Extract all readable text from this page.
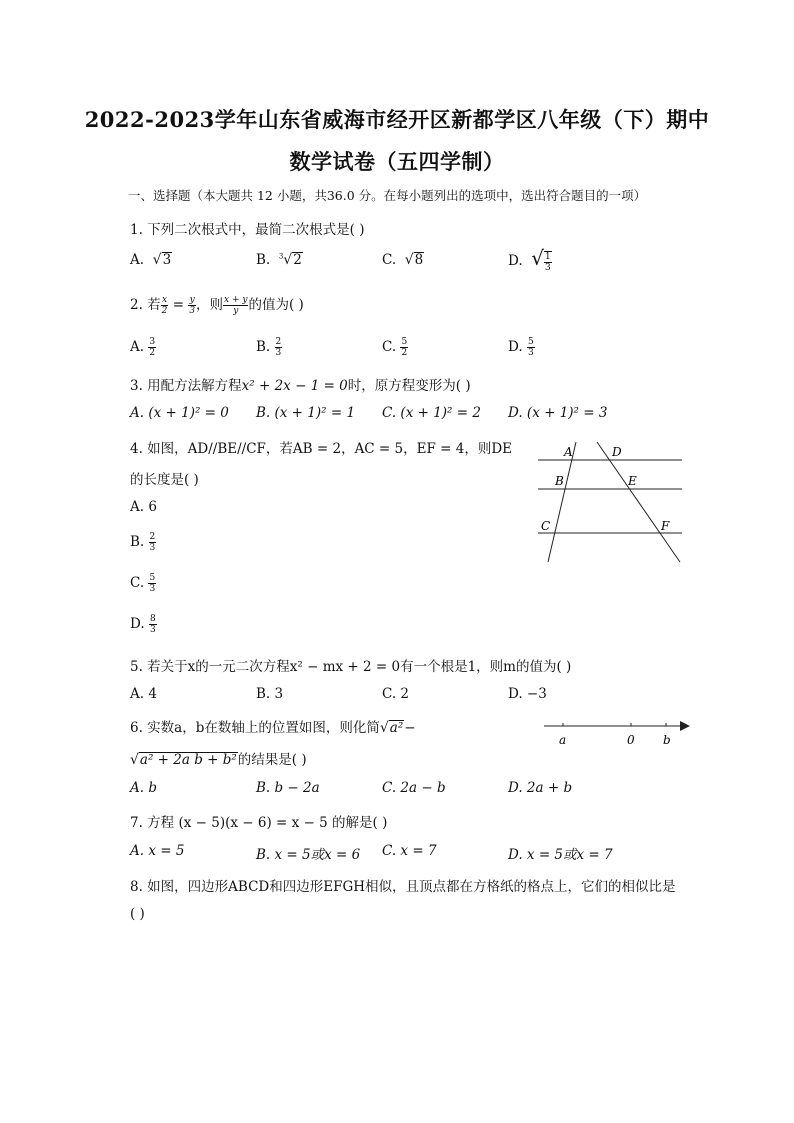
2022-2023学年山东省威海市经开区新都学区八年级（下）期中
数学试卷（五四学制）
一、选择题（本大题共 12 小题，共36.0 分。在每小题列出的选项中，选出符合题目的一项）
1. 下列二次根式中，最简二次根式是( )
A. √3	B. $^3$√2	C. √8	D. √ $\frac{1}{3}$
2. 若 $\frac{x}{2} = \frac{y}{3}$ ，则 $\frac{x + y}{y}$ 的值为( )
A. $\frac{3}{2}$	B. $\frac{2}{3}$	C. $\frac{5}{2}$	D. $\frac{5}{3}$
3. 用配方法解方程x² + 2x − 1 = 0时，原方程变形为( )
A. (x + 1)² = 0 B. (x + 1)² = 1 C. (x + 1)² = 2 D. (x + 1)² = 3
4. 如图，AD//BE//CF，若AB = 2，AC = 5，EF = 4，则DE
的长度是( )
A. 6
B. $\frac{2}{3}$
C. $\frac{5}{3}$
D. $\frac{8}{3}$
A	D
B	E
C	F
5. 若关于x的一元二次方程x² − mx + 2 = 0有一个根是1，则m的值为( )
A. 4	B. 3	C. 2	D. −3
6. 实数a，b在数轴上的位置如图，则化简√a²−
√a² + 2a b + b²的结果是( )
A. b	B. b − 2a	C. 2a − b	D. 2a + b
a	0 b
7. 方程 (x − 5)(x − 6) = x − 5 的解是( )
A. x = 5	B. x = 5或x = 6 C. x = 7	D. x = 5或x = 7
8. 如图，四边形ABCD和四边形EFGH相似，且顶点都在方格纸的格点上，它们的相似比是
( )
